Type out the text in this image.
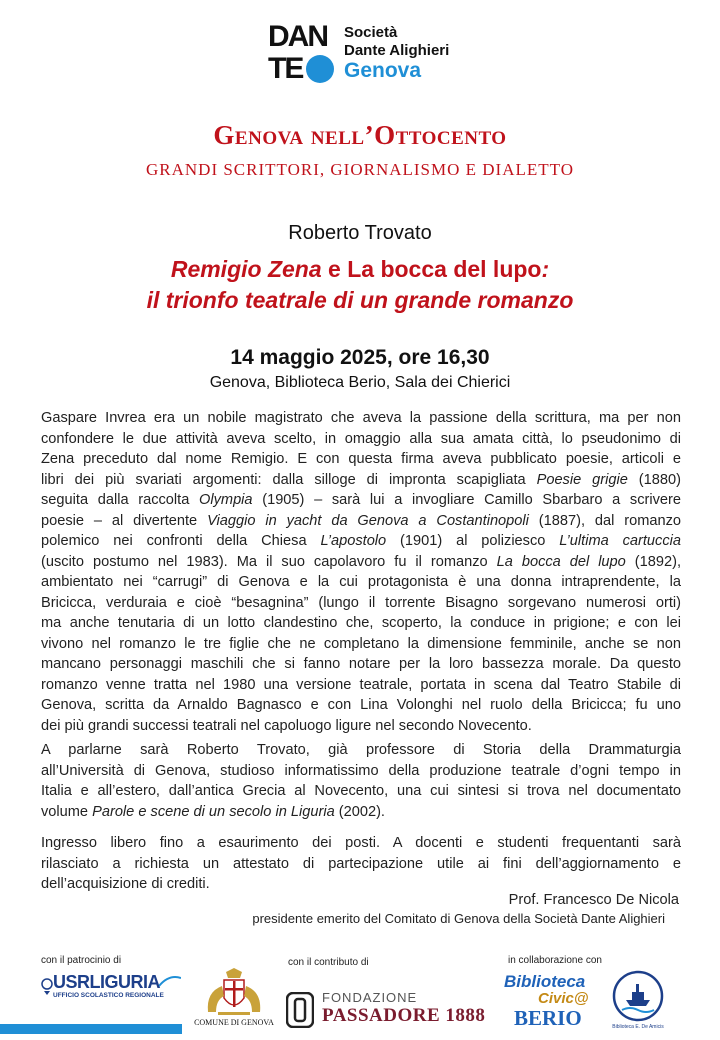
DAN
TE
Società
Dante Alighieri
Genova
Genova nell’Ottocento
GRANDI SCRITTORI, GIORNALISMO E DIALETTO
Roberto Trovato
Remigio Zena e La bocca del lupo:
il trionfo teatrale di un grande romanzo
14 maggio 2025, ore 16,30
Genova, Biblioteca Berio, Sala dei Chierici
Gaspare Invrea era un nobile magistrato che aveva la passione della scrittura, ma per non
confondere le due attività aveva scelto, in omaggio alla sua amata città, lo pseudonimo di
Zena preceduto dal nome Remigio. E con questa firma aveva pubblicato poesie, articoli e
libri dei più svariati argomenti: dalla silloge di impronta scapigliata Poesie grigie (1880)
seguita dalla raccolta Olympia (1905) – sarà lui a invogliare Camillo Sbarbaro a scrivere
poesie – al divertente Viaggio in yacht da Genova a Costantinopoli (1887), dal romanzo
polemico nei confronti della Chiesa L’apostolo (1901) al poliziesco L’ultima cartuccia
(uscito postumo nel 1983). Ma il suo capolavoro fu il romanzo La bocca del lupo (1892),
ambientato nei “carrugi” di Genova e la cui protagonista è una donna intraprendente, la
Bricicca, verduraia e cioè “besagnina” (lungo il torrente Bisagno sorgevano numerosi orti)
ma anche tenutaria di un lotto clandestino che, scoperto, la conduce in prigione; e con lei
vivono nel romanzo le tre figlie che ne completano la dimensione femminile, anche se non
mancano personaggi maschili che si fanno notare per la loro bassezza morale. Da questo
romanzo venne tratta nel 1980 una versione teatrale, portata in scena dal Teatro Stabile di
Genova, scritta da Arnaldo Bagnasco e con Lina Volonghi nel ruolo della Bricicca; fu uno
dei più grandi successi teatrali nel capoluogo ligure nel secondo Novecento.
A parlarne sarà Roberto Trovato, già professore di Storia della Drammaturgia
all’Università di Genova, studioso informatissimo della produzione teatrale d’ogni tempo in
Italia e all’estero, dall’antica Grecia al Novecento, una cui sintesi si trova nel documentato
volume Parole e scene di un secolo in Liguria (2002).
Ingresso libero fino a esaurimento dei posti. A docenti e studenti frequentanti sarà
rilasciato a richiesta un attestato di partecipazione utile ai fini dell’aggiornamento e
dell’acquisizione di crediti.
Prof. Francesco De Nicola
presidente emerito del Comitato di Genova della Società Dante Alighieri
con il patrocinio di	con il contributo di	in collaborazione con
USRLIGURIA
UFFICIO SCOLASTICO REGIONALE
COMUNE DI GENOVA
FONDAZIONE
PASSADORE 1888
Biblioteca
Civic@
BERIO	Biblioteca E. De Amicis
